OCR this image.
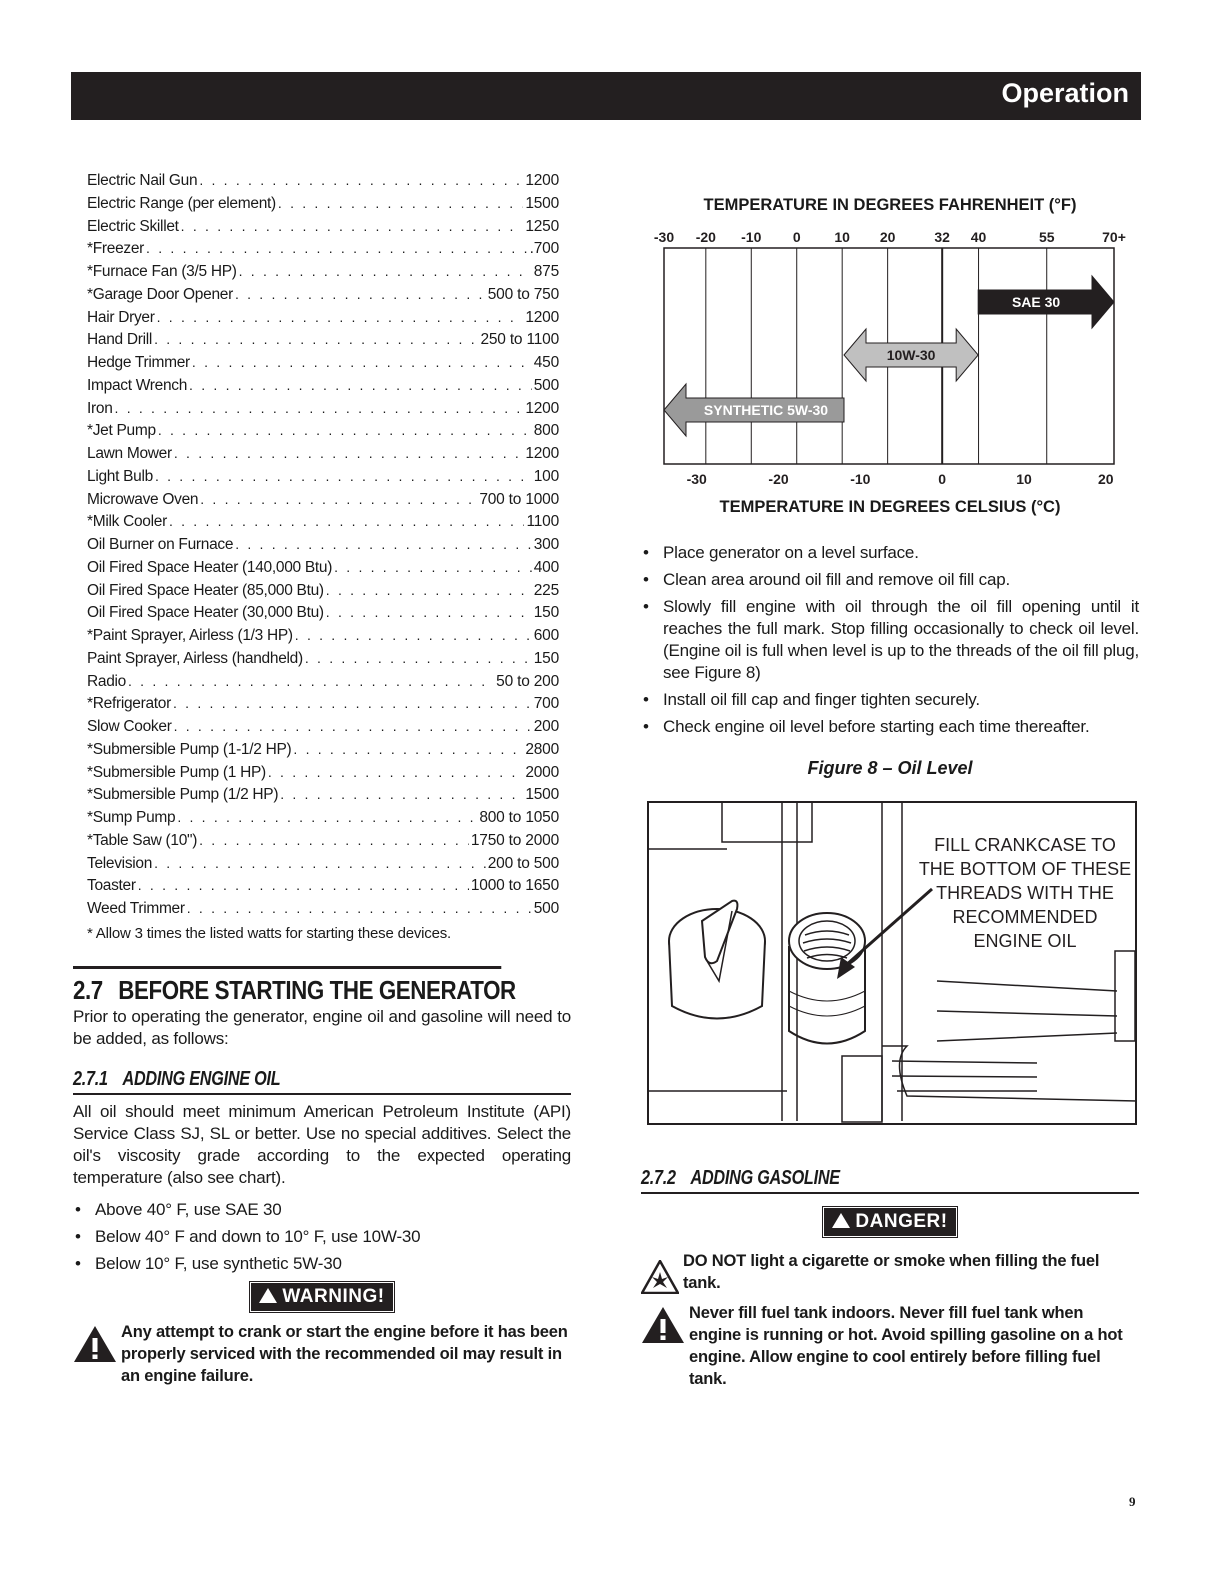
Operation
Electric Nail Gun . . .	1200
Electric Range (per element) . . .	1500
Electric Skillet . . .	1250
*Freezer . . .	.700
*Furnace Fan (3/5 HP) . . .	875
*Garage Door Opener . . .	500 to 750
Hair Dryer . . .	1200
Hand Drill . . .	250 to 1100
Hedge Trimmer . . .	450
Impact Wrench . . .	500
Iron . . .	1200
*Jet Pump . . .	800
Lawn Mower . . .	1200
Light Bulb . . .	100
Microwave Oven . . .	700 to 1000
*Milk Cooler . . .	1100
Oil Burner on Furnace . . .	300
Oil Fired Space Heater (140,000 Btu) . . .	400
Oil Fired Space Heater (85,000 Btu) . . .	225
Oil Fired Space Heater (30,000 Btu) . . .	150
*Paint Sprayer, Airless (1/3 HP) . . .	600
Paint Sprayer, Airless (handheld) . . .	150
Radio . . .	50 to 200
*Refrigerator . . .	700
Slow Cooker . . .	200
*Submersible Pump (1-1/2 HP) . . .	2800
*Submersible Pump (1 HP) . . .	2000
*Submersible Pump (1/2 HP) . . .	1500
*Sump Pump . . .	800 to 1050
*Table Saw (10") . . .	1750 to 2000
Television . . .	200 to 500
Toaster . . .	1000 to 1650
Weed Trimmer . . .	500
* Allow 3 times the listed watts for starting these devices.
2.7 BEFORE STARTING THE GENERATOR
Prior to operating the generator, engine oil and gasoline will need to be added, as follows:
2.7.1 ADDING ENGINE OIL
All oil should meet minimum American Petroleum Institute (API) Service Class SJ, SL or better. Use no special additives. Select the oil's viscosity grade according to the expected operating temperature (also see chart).
• Above 40° F, use SAE 30
• Below 40° F and down to 10° F, use 10W-30
• Below 10° F, use synthetic 5W-30
WARNING!
Any attempt to crank or start the engine before it has been properly serviced with the recommended oil may result in an engine failure.
TEMPERATURE IN DEGREES FAHRENHEIT (°F)
-30 -20 -10 0 10 20	32 40	55	70+
-30	-20	-10	0	10	20
SYNTHETIC 5W-30
10W-30
SAE 30
TEMPERATURE IN DEGREES CELSIUS (°C)
• Place generator on a level surface.
• Clean area around oil fill and remove oil fill cap.
• Slowly fill engine with oil through the oil fill opening until it reaches the full mark. Stop filling occasionally to check oil level. (Engine oil is full when level is up to the threads of the oil fill plug, see Figure 8)
• Install oil fill cap and finger tighten securely.
• Check engine oil level before starting each time thereafter.
Figure 8 – Oil Level
FILL CRANKCASE TO
THE BOTTOM OF THESE
THREADS WITH THE
RECOMMENDED
ENGINE OIL
2.7.2 ADDING GASOLINE
DANGER!
DO NOT light a cigarette or smoke when filling the fuel tank.
Never fill fuel tank indoors. Never fill fuel tank when engine is running or hot. Avoid spilling gasoline on a hot engine. Allow engine to cool entirely before filling fuel tank.
9
